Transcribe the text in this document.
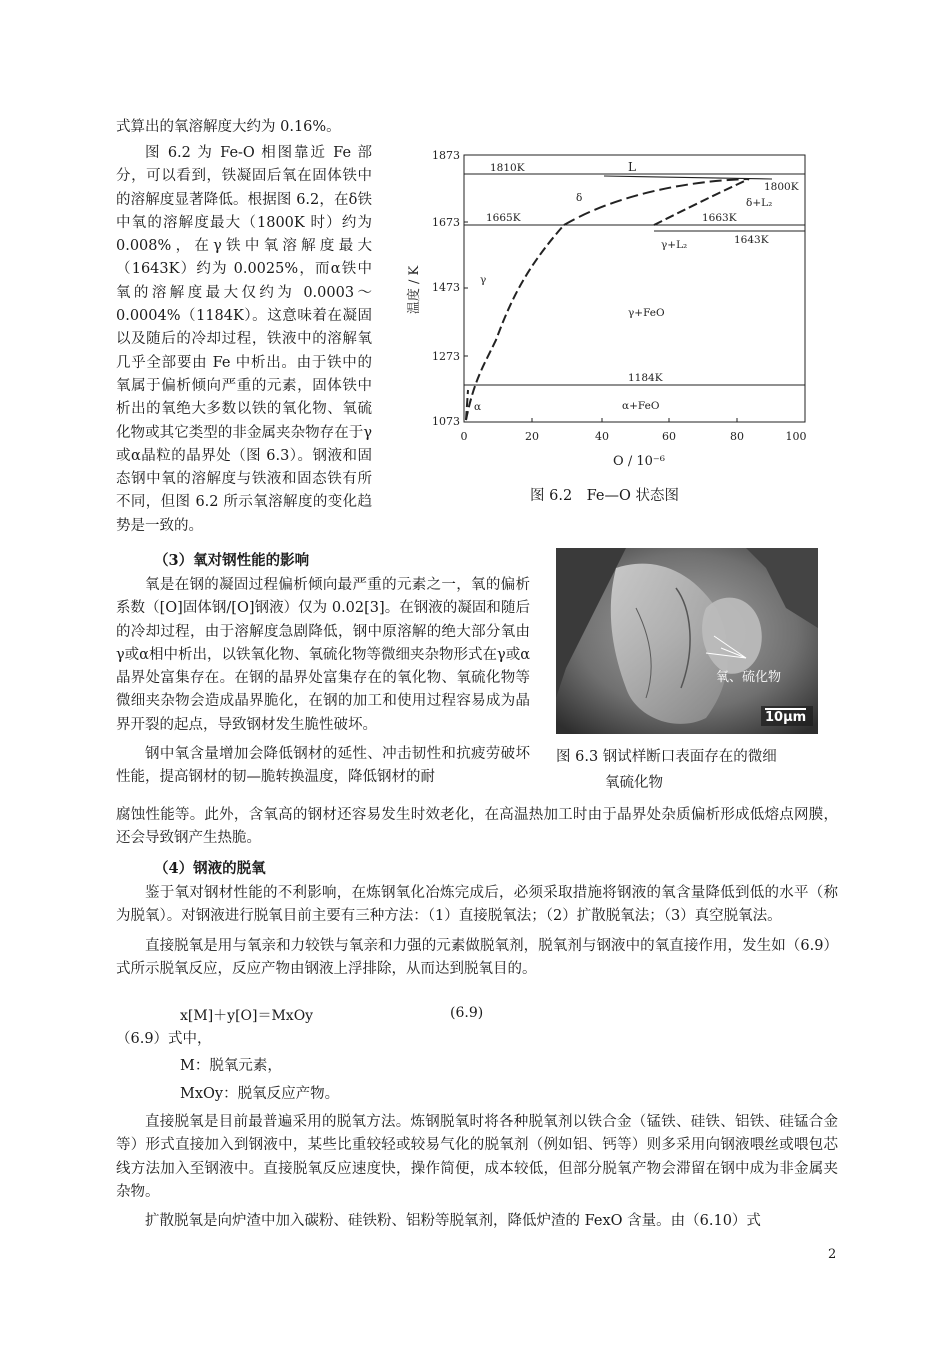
式算出的氧溶解度大约为 0.16%。

图 6.2 为 Fe-O 相图靠近 Fe 部分，可以看到，铁凝固后氧在固体铁中的溶解度显著降低。根据图 6.2，在δ铁中氧的溶解度最大（1800K 时）约为 0.008%，在γ铁中氧溶解度最大（1643K）约为 0.0025%，而α铁中氧的溶解度最大仅约为 0.0003～0.0004%（1184K）。这意味着在凝固以及随后的冷却过程，铁液中的溶解氧几乎全部要由 Fe 中析出。由于铁中的氧属于偏析倾向严重的元素，固体铁中析出的氧绝大多数以铁的氧化物、氧硫化物或其它类型的非金属夹杂物存在于γ或α晶粒的晶界处（图 6.3）。钢液和固态钢中氧的溶解度与铁液和固态铁有所不同，但图 6.2 所示氧溶解度的变化趋势是一致的。

1873
1673
1473
1273
1073
0	20	40	60	80	100
温度 / K
O / 10⁻⁶
1810K	L
1800K
δ	δ+L₂
1665K	1663K
γ+L₂	1643K
γ
γ+FeO
1184K
α	α+FeO
图 6.2　Fe—O 状态图
（3）氧对钢性能的影响

氧是在钢的凝固过程偏析倾向最严重的元素之一，氧的偏析系数（[O]固体钢/[O]钢液）仅为 0.02[3]。在钢液的凝固和随后的冷却过程，由于溶解度急剧降低，钢中原溶解的绝大部分氧由γ或α相中析出，以铁氧化物、氧硫化物等微细夹杂物形式在γ或α晶界处富集存在。在钢的晶界处富集存在的氧化物、氧硫化物等微细夹杂物会造成晶界脆化，在钢的加工和使用过程容易成为晶界开裂的起点，导致钢材发生脆性破坏。

钢中氧含量增加会降低钢材的延性、冲击韧性和抗疲劳破坏性能，提高钢材的韧—脆转换温度，降低钢材的耐

腐蚀性能等。此外，含氧高的钢材还容易发生时效老化，在高温热加工时由于晶界处杂质偏析形成低熔点网膜，还会导致钢产生热脆。
氧、硫化物
10μm
图 6.3 钢试样断口表面存在的微细
氧硫化物
（4）钢液的脱氧

鉴于氧对钢材性能的不利影响，在炼钢氧化冶炼完成后，必须采取措施将钢液的氧含量降低到低的水平（称为脱氧）。对钢液进行脱氧目前主要有三种方法：（1）直接脱氧法；（2）扩散脱氧法；（3）真空脱氧法。

直接脱氧是用与氧亲和力较铁与氧亲和力强的元素做脱氧剂，脱氧剂与钢液中的氧直接作用，发生如（6.9）式所示脱氧反应，反应产物由钢液上浮排除，从而达到脱氧目的。

x[M]＋y[O]＝MxOy	(6.9)
（6.9）式中，
M：脱氧元素，
MxOy：脱氧反应产物。

直接脱氧是目前最普遍采用的脱氧方法。炼钢脱氧时将各种脱氧剂以铁合金（锰铁、硅铁、铝铁、硅锰合金等）形式直接加入到钢液中，某些比重较轻或较易气化的脱氧剂（例如铝、钙等）则多采用向钢液喂丝或喂包芯线方法加入至钢液中。直接脱氧反应速度快，操作简便，成本较低，但部分脱氧产物会滞留在钢中成为非金属夹杂物。

扩散脱氧是向炉渣中加入碳粉、硅铁粉、铝粉等脱氧剂，降低炉渣的 FexO 含量。由（6.10）式

2
